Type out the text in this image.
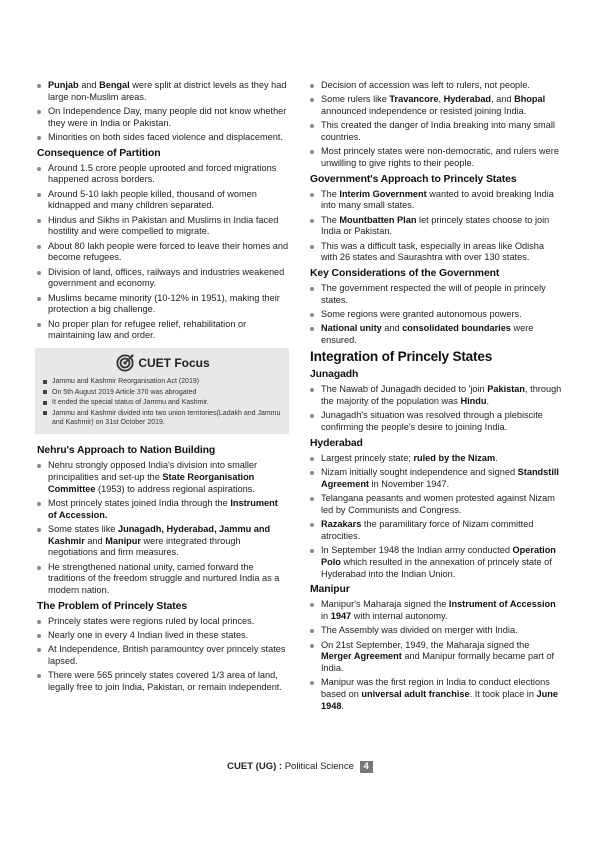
Punjab and Bengal were split at district levels as they had large non-Muslim areas.
On Independence Day, many people did not know whether they were in India or Pakistan.
Minorities on both sides faced violence and displacement.
Consequence of Partition
Around 1.5 crore people uprooted and forced migrations happened across borders.
Around 5-10 lakh people killed, thousand of women kidnapped and many children separated.
Hindus and Sikhs in Pakistan and Muslims in India faced hostility and were compelled to migrate.
About 80 lakh people were forced to leave their homes and become refugees.
Division of land, offices, railways and industries weakened government and economy.
Muslims became minority (10-12% in 1951), making their protection a big challenge.
No proper plan for refugee relief, rehabilitation or maintaining law and order.
CUET Focus
Jammu and Kashmir Reorganisation Act (2019)
On 5th August 2019 Article 370 was abrogated
It ended the special status of Jammu and Kashmir.
Jammu and Kashmir divided into two union territories(Ladakh and Jammu and Kashmir) on 31st October 2019.
Nehru's Approach to Nation Building
Nehru strongly opposed India's division into smaller principalities and set-up the State Reorganisation Committee (1953) to address regional aspirations.
Most princely states joined India through the Instrument of Accession.
Some states like Junagadh, Hyderabad, Jammu and Kashmir and Manipur were integrated through negotiations and firm measures.
He strengthened national unity, carried forward the traditions of the freedom struggle and nurtured India as a modern nation.
The Problem of Princely States
Princely states were regions ruled by local princes.
Nearly one in every 4 Indian lived in these states.
At Independence, British paramountcy over princely states lapsed.
There were 565 princely states covered 1/3 area of land, legally free to join India, Pakistan, or remain independent.
Decision of accession was left to rulers, not people.
Some rulers like Travancore, Hyderabad, and Bhopal announced independence or resisted joining India.
This created the danger of India breaking into many small countries.
Most princely states were non-democratic, and rulers were unwilling to give rights to their people.
Government's Approach to Princely States
The Interim Government wanted to avoid breaking India into many small states.
The Mountbatten Plan let princely states choose to join India or Pakistan.
This was a difficult task, especially in areas like Odisha with 26 states and Saurashtra with over 130 states.
Key Considerations of the Government
The government respected the will of people in princely states.
Some regions were granted autonomous powers.
National unity and consolidated boundaries were ensured.
Integration of Princely States
Junagadh
The Nawab of Junagadh decided to 'join Pakistan, through the majority of the population was Hindu.
Junagadh's situation was resolved through a plebiscite confirming the people's desire to joining India.
Hyderabad
Largest princely state; ruled by the Nizam.
Nizam initially sought independence and signed Standstill Agreement in November 1947.
Telangana peasants and women protested against Nizam led by Communists and Congress.
Razakars the paramilitary force of Nizam committed atrocities.
In September 1948 the Indian army conducted Operation Polo which resulted in the annexation of princely state of Hyderabad into the Indian Union.
Manipur
Manipur's Maharaja signed the Instrument of Accession in 1947 with internal autonomy.
The Assembly was divided on merger with India.
On 21st September, 1949, the Maharaja signed the Merger Agreement and Manipur formally became part of India.
Manipur was the first region in India to conduct elections based on universal adult franchise. It took place in June 1948.
CUET (UG) : Political Science 4
